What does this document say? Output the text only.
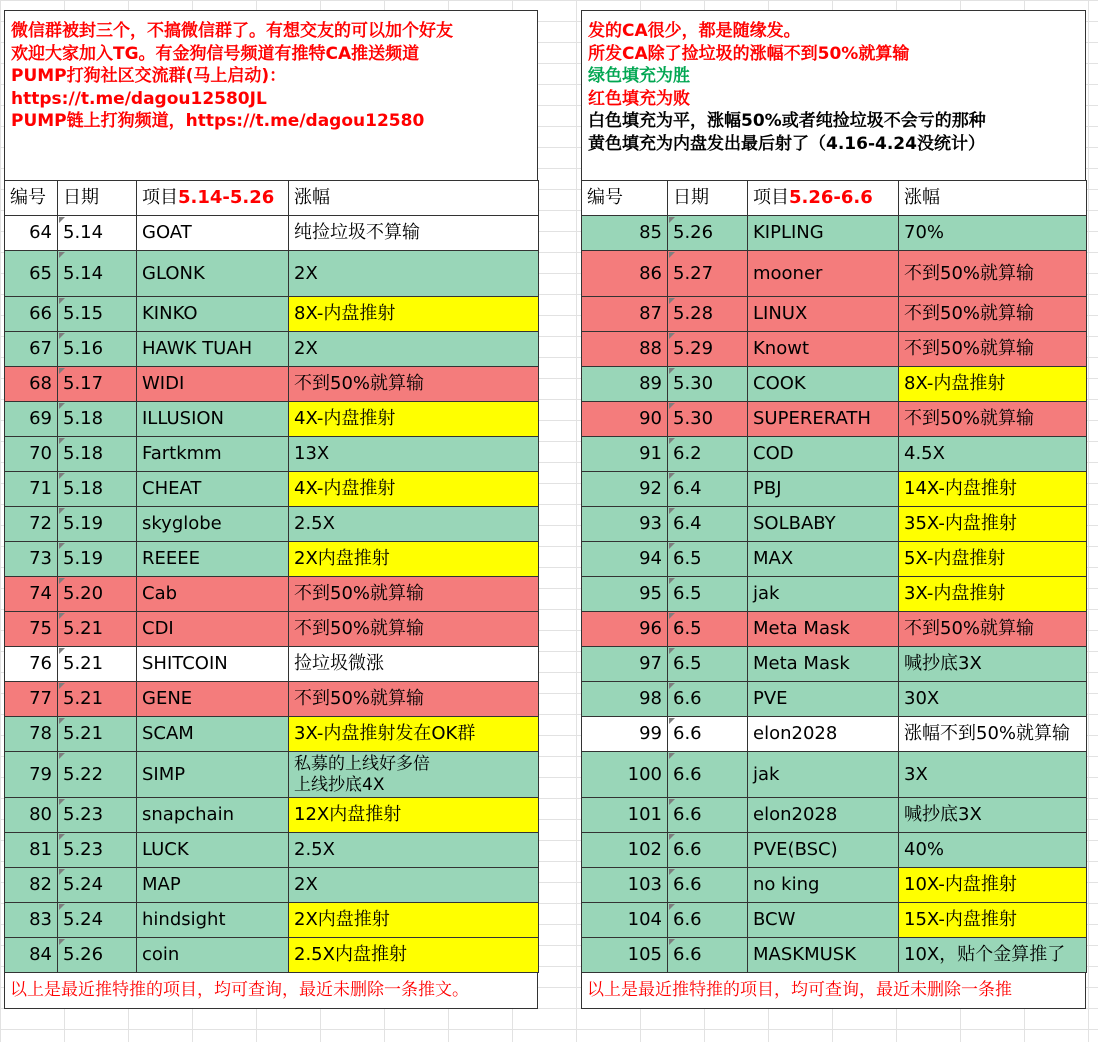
微信群被封三个，不搞微信群了。有想交友的可以加个好友
欢迎大家加入TG。有金狗信号频道有推特CA推送频道
PUMP打狗社区交流群(马上启动)：
https://t.me/dagou12580JL
PUMP链上打狗频道，https://t.me/dagou12580
编号	日期	项目5.14-5.26	涨幅
64	5.14	GOAT	纯捡垃圾不算输
65	5.14	GLONK	2X
66	5.15	KINKO	8X-内盘推射
67	5.16	HAWK TUAH	2X
68	5.17	WIDI	不到50%就算输
69	5.18	ILLUSION	4X-内盘推射
70	5.18	Fartkmm	13X
71	5.18	CHEAT	4X-内盘推射
72	5.19	skyglobe	2.5X
73	5.19	REEEE	2X内盘推射
74	5.20	Cab	不到50%就算输
75	5.21	CDI	不到50%就算输
76	5.21	SHITCOIN	捡垃圾微涨
77	5.21	GENE	不到50%就算输
78	5.21	SCAM	3X-内盘推射发在OK群
79	5.22	SIMP	私募的上线好多倍
上线抄底4X

80	5.23	snapchain	12X内盘推射
81	5.23	LUCK	2.5X
82	5.24	MAP	2X
83	5.24	hindsight	2X内盘推射
84	5.26	coin	2.5X内盘推射
以上是最近推特推的项目，均可查询，最近未删除一条推文。
发的CA很少，都是随缘发。
所发CA除了捡垃圾的涨幅不到50%就算输
绿色填充为胜
红色填充为败
白色填充为平，涨幅50%或者纯捡垃圾不会亏的那种
黄色填充为内盘发出最后射了（4.16-4.24没统计）
编号	日期	项目5.26-6.6	涨幅
85	5.26	KIPLING	70%
86	5.27	mooner	不到50%就算输
87	5.28	LINUX	不到50%就算输
88	5.29	Knowt	不到50%就算输
89	5.30	COOK	8X-内盘推射
90	5.30	SUPERERATH	不到50%就算输
91	6.2	COD	4.5X
92	6.4	PBJ	14X-内盘推射
93	6.4	SOLBABY	35X-内盘推射
94	6.5	MAX	5X-内盘推射
95	6.5	jak	3X-内盘推射
96	6.5	Meta Mask	不到50%就算输
97	6.5	Meta Mask	喊抄底3X
98	6.6	PVE	30X
99	6.6	elon2028	涨幅不到50%就算输
100	6.6	jak	3X
101	6.6	elon2028	喊抄底3X
102	6.6	PVE(BSC)	40%
103	6.6	no king	10X-内盘推射
104	6.6	BCW	15X-内盘推射
105	6.6	MASKMUSK	10X，贴个金算推了
以上是最近推特推的项目，均可查询，最近未删除一条推
